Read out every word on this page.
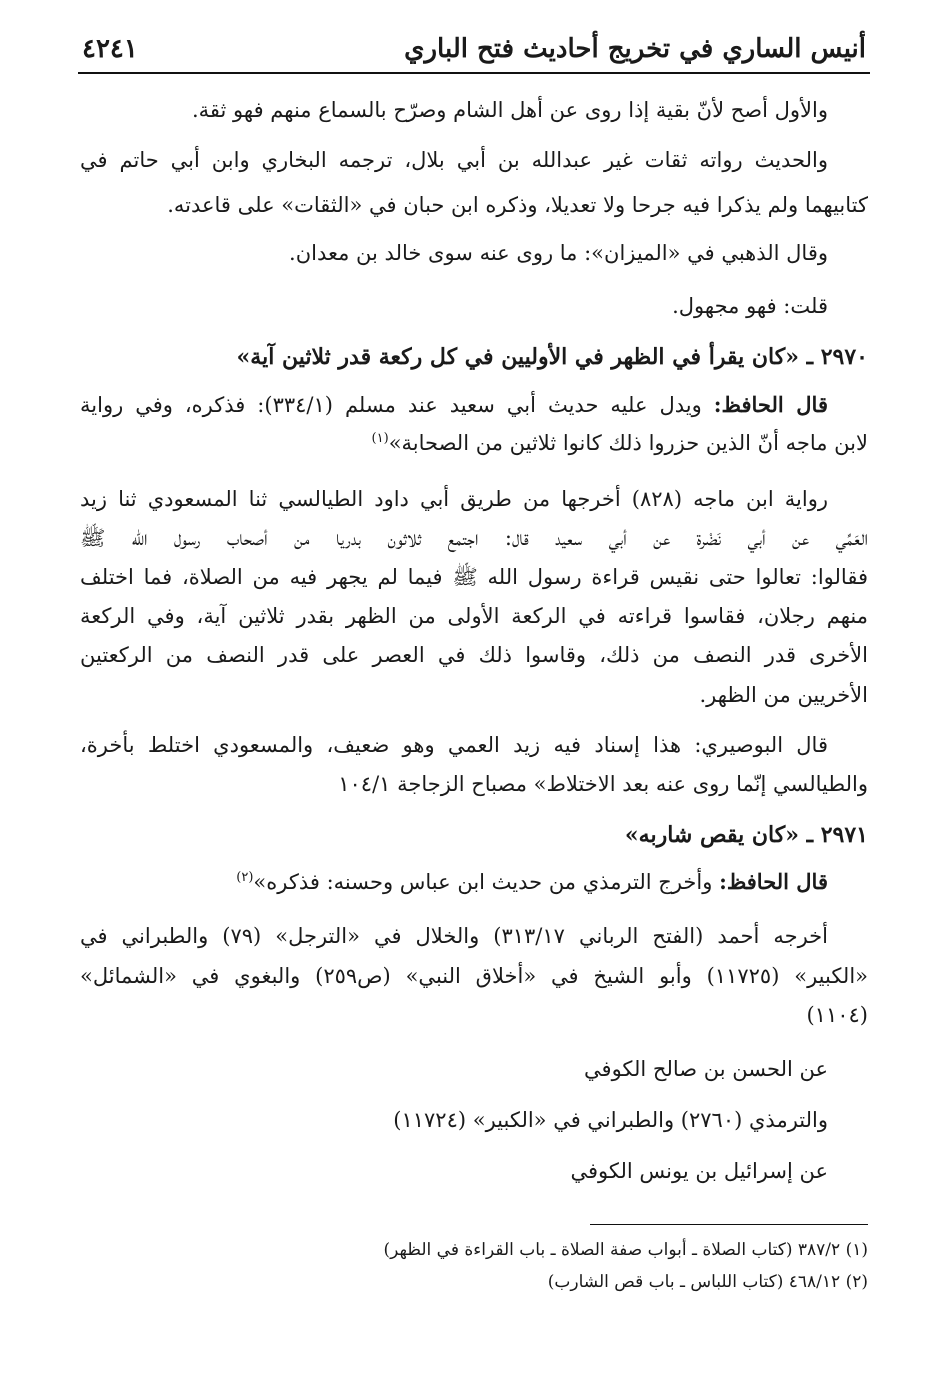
أنيس الساري في تخريج أحاديث فتح الباري
٤٢٤١
والأول أصح لأنّ بقية إذا روى عن أهل الشام وصرّح بالسماع منهم فهو ثقة.
والحديث رواته ثقات غير عبدالله بن أبي بلال، ترجمه البخاري وابن أبي حاتم في
كتابيهما ولم يذكرا فيه جرحا ولا تعديلا، وذكره ابن حبان في «الثقات» على قاعدته.
وقال الذهبي في «الميزان»: ما روى عنه سوى خالد بن معدان.
قلت: فهو مجهول.
٢٩٧٠ ـ «كان يقرأ في الظهر في الأوليين في كل ركعة قدر ثلاثين آية»
قال الحافظ: ويدل عليه حديث أبي سعيد عند مسلم (٣٣٤/١): فذكره، وفي رواية
لابن ماجه أنّ الذين حزروا ذلك كانوا ثلاثين من الصحابة»$^{(١)}$
رواية ابن ماجه (٨٢٨) أخرجها من طريق أبي داود الطيالسي ثنا المسعودي ثنا زيد
العَمِّي عن أبي نَضْرة عن أبي سعيد قال: اجتمع ثلاثون بدريا من أصحاب رسول الله ﷺ
فقالوا: تعالوا حتى نقيس قراءة رسول الله ﷺ فيما لم يجهر فيه من الصلاة، فما اختلف
منهم رجلان، فقاسوا قراءته في الركعة الأولى من الظهر بقدر ثلاثين آية، وفي الركعة
الأخرى قدر النصف من ذلك، وقاسوا ذلك في العصر على قدر النصف من الركعتين
الأخريين من الظهر.
قال البوصيري: هذا إسناد فيه زيد العمي وهو ضعيف، والمسعودي اختلط بأخرة،
والطيالسي إنّما روى عنه بعد الاختلاط» مصباح الزجاجة ١٠٤/١
٢٩٧١ ـ «كان يقص شاربه»
قال الحافظ: وأخرج الترمذي من حديث ابن عباس وحسنه: فذكره»$^{(٢)}$
أخرجه أحمد (الفتح الرباني ٣١٣/١٧) والخلال في «الترجل» (٧٩) والطبراني في
«الكبير» (١١٧٢٥) وأبو الشيخ في «أخلاق النبي» (ص٢٥٩) والبغوي في «الشمائل»
(١١٠٤)
عن الحسن بن صالح الكوفي
والترمذي (٢٧٦٠) والطبراني في «الكبير» (١١٧٢٤)
عن إسرائيل بن يونس الكوفي
(١) ٣٨٧/٢ (كتاب الصلاة ـ أبواب صفة الصلاة ـ باب القراءة في الظهر)
(٢) ٤٦٨/١٢ (كتاب اللباس ـ باب قص الشارب)
